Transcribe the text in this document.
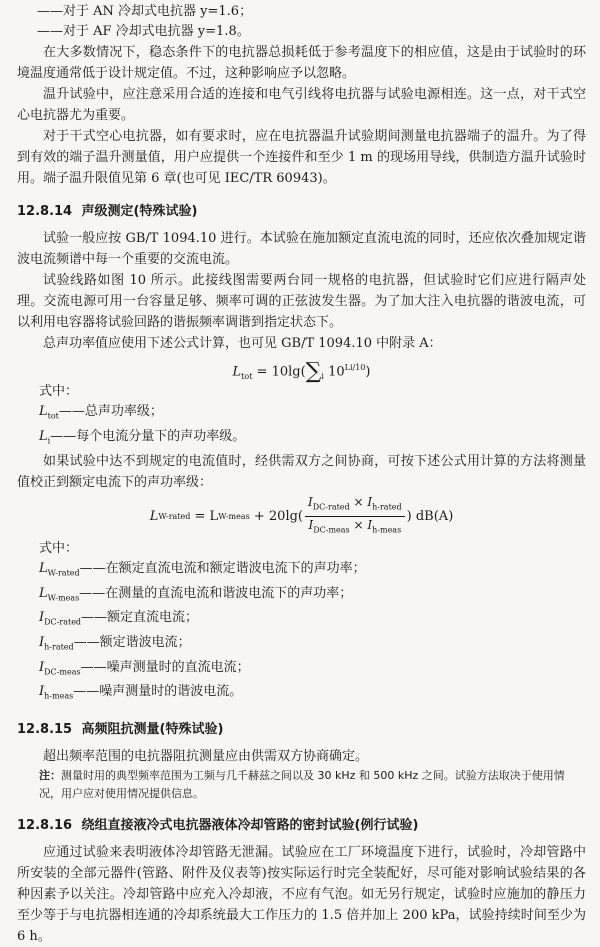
——对于 AN 冷却式电抗器 y=1.6；
——对于 AF 冷却式电抗器 y=1.8。

在大多数情况下，稳态条件下的电抗器总损耗低于参考温度下的相应值，这是由于试验时的环境温度通常低于设计规定值。不过，这种影响应予以忽略。

温升试验中，应注意采用合适的连接和电气引线将电抗器与试验电源相连。这一点，对干式空心电抗器尤为重要。

对于干式空心电抗器，如有要求时，应在电抗器温升试验期间测量电抗器端子的温升。为了得到有效的端子温升测量值，用户应提供一个连接件和至少 1 m 的现场用导线，供制造方温升试验时用。端子温升限值见第 6 章(也可见 IEC/TR 60943)。

12.8.14 声级测定(特殊试验)

试验一般应按 GB/T 1094.10 进行。本试验在施加额定直流电流的同时，还应依次叠加规定谐波电流频谱中每一个重要的交流电流。

试验线路如图 10 所示。此接线图需要两台同一规格的电抗器，但试验时它们应进行隔声处理。交流电源可用一台容量足够、频率可调的正弦波发生器。为了加大注入电抗器的谐波电流，可以利用电容器将试验回路的谐振频率调谐到指定状态下。

总声功率值应使用下述公式计算，也可见 GB/T 1094.10 中附录 A：

$L_{tot} = 10\lg(\sum_i$ $10^{Li/10}$)
式中：
$L_{tot}——$总声功率级；
$L_i——$每个电流分量下的声功率级。

如果试验中达不到规定的电流值时，经供需双方之间协商，可按下述公式用计算的方法将测量值校正到额定电流下的声功率级：

L W-rated
= L W-meas
+ $20\lg( \frac{I_{DC-rated} \times I_{h-rated}}{I_{DC-meas} \times I_{h-meas}}$ ) dB(A)
式中：
$L_{W-rated}——$在额定直流电流和额定谐波电流下的声功率；
$L_{W-meas}——$在测量的直流电流和谐波电流下的声功率；
$I_{DC-rated}——$额定直流电流；
$I_{h-rated}——$额定谐波电流；
$I_{DC-meas}——$噪声测量时的直流电流；
$I_{h-meas}——$噪声测量时的谐波电流。
12.8.15 高频阻抗测量(特殊试验)

超出频率范围的电抗器阻抗测量应由供需双方协商确定。

注：测量时用的典型频率范围为工频与几千赫兹之间以及 30 kHz 和 500 kHz 之间。试验方法取决于使用情况，用户应对使用情况提供信息。
12.8.16 绕组直接液冷式电抗器液体冷却管路的密封试验(例行试验)

应通过试验来表明液体冷却管路无泄漏。试验应在工厂环境温度下进行，试验时，冷却管路中所安装的全部元器件(管路、附件及仪表等)按实际运行时完全装配好，尽可能对影响试验结果的各种因素予以关注。冷却管路中应充入冷却液，不应有气泡。如无另行规定，试验时应施加的静压力至少等于与电抗器相连通的冷却系统最大工作压力的 1.5 倍并加上 200 kPa，试验持续时间至少为 6 h。
